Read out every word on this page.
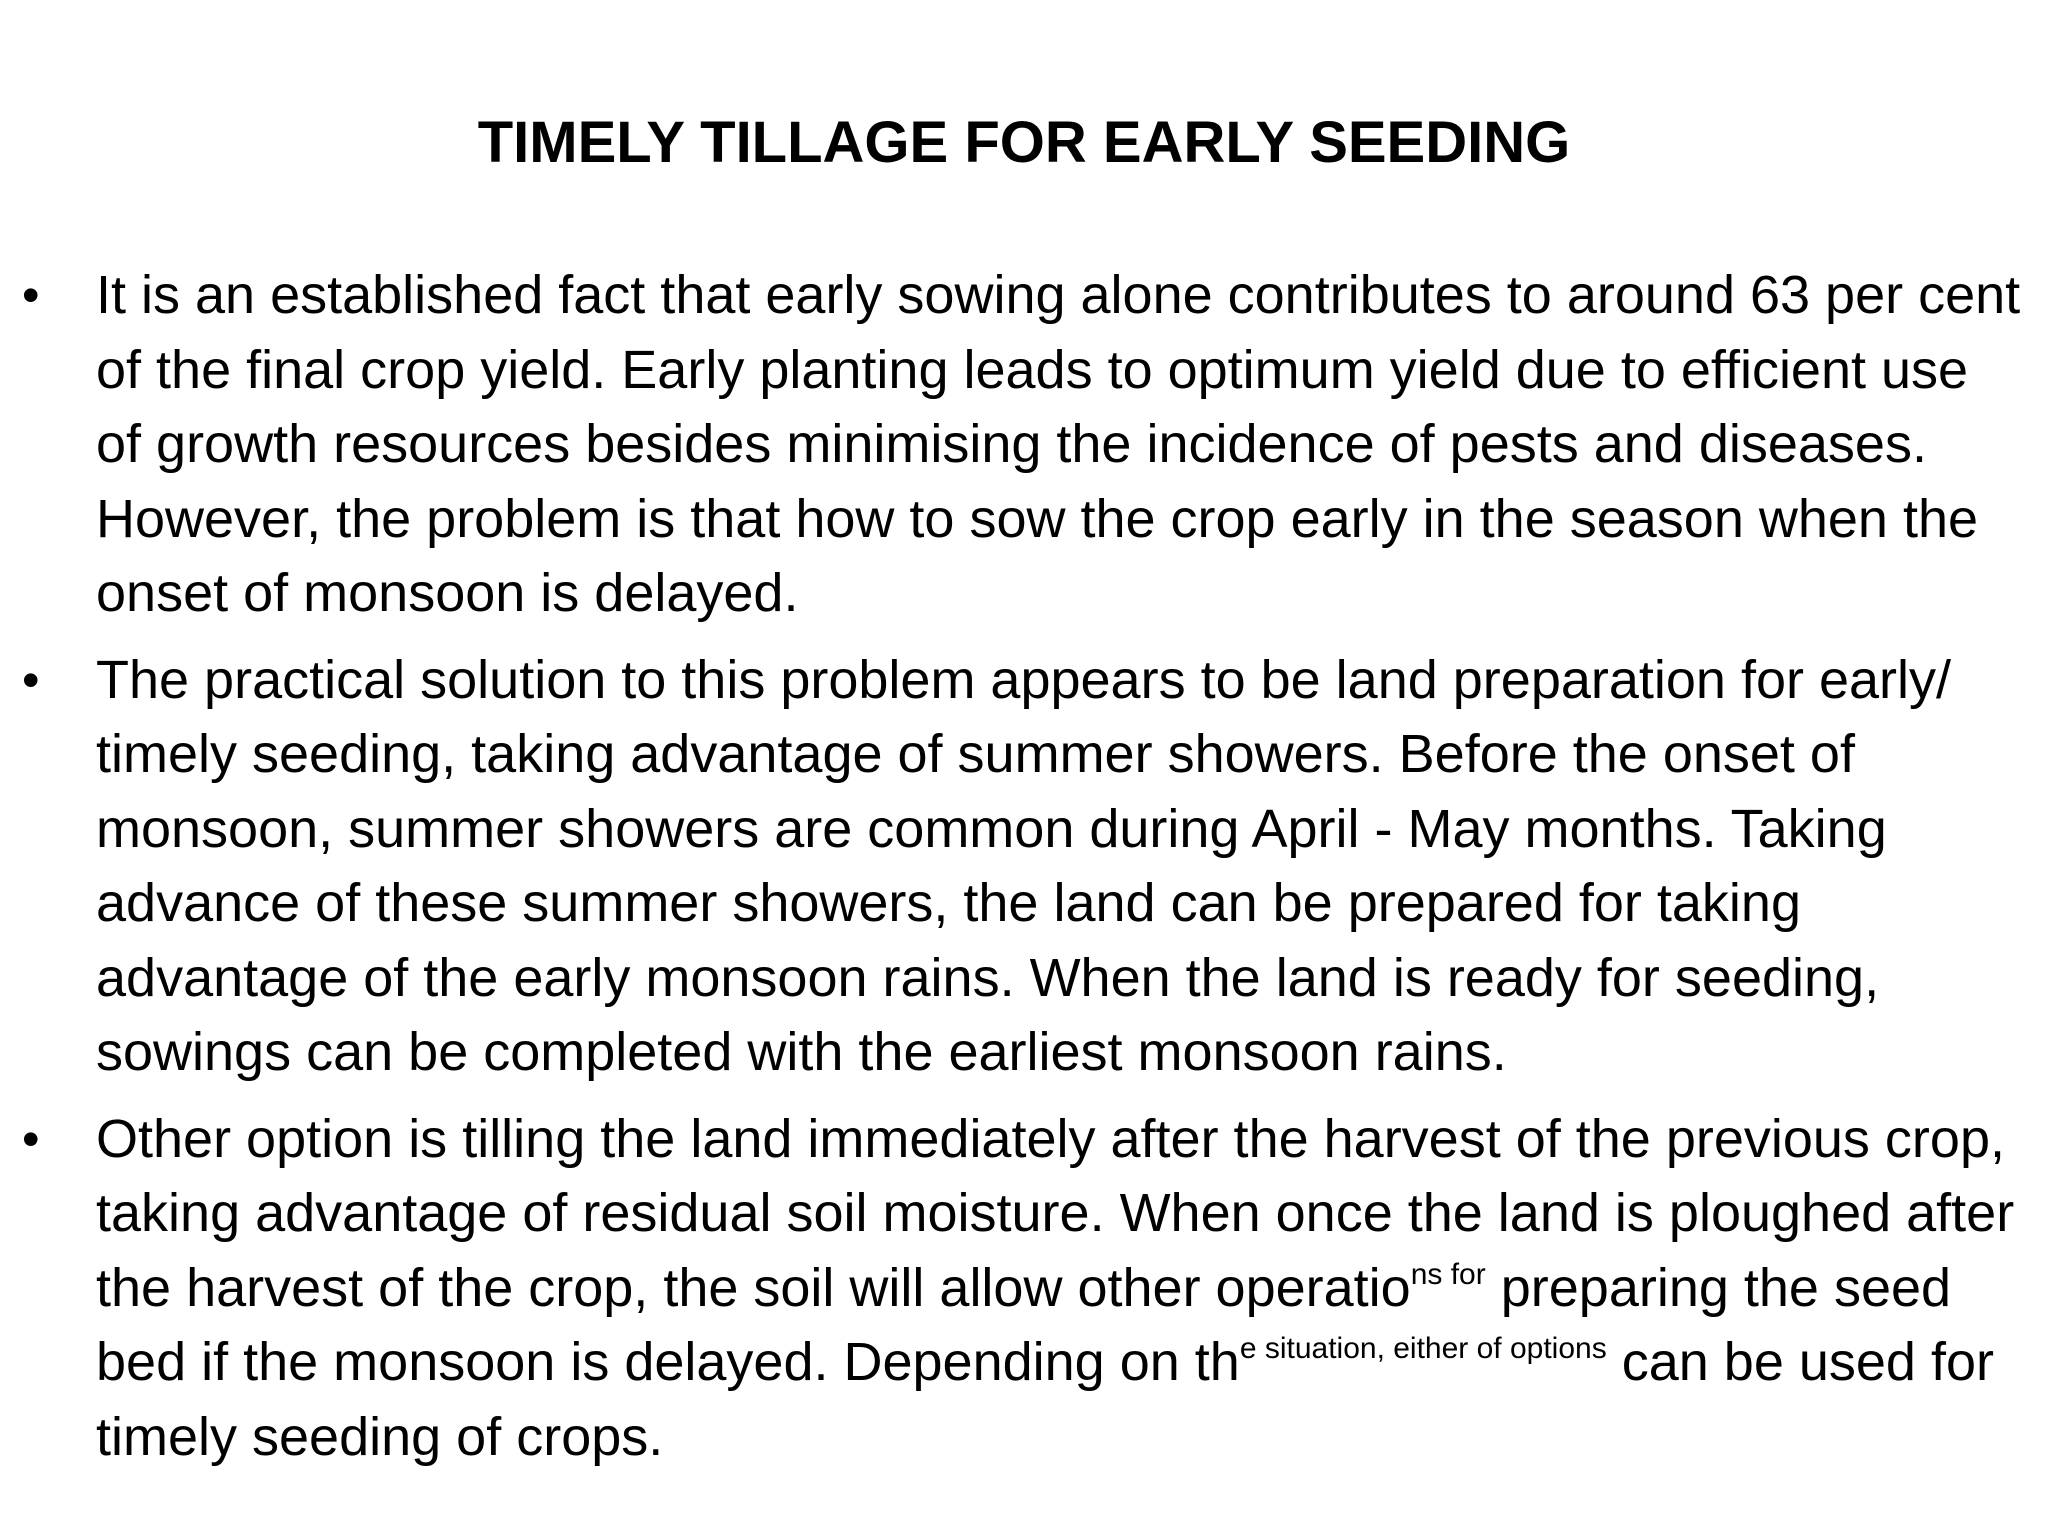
TIMELY TILLAGE FOR EARLY SEEDING
• It is an established fact that early sowing alone contributes to around 63 per cent of the final crop yield. Early planting leads to optimum yield due to efficient use of growth resources besides minimising the incidence of pests and diseases. However, the problem is that how to sow the crop early in the season when the onset of monsoon is delayed.
• The practical solution to this problem appears to be land preparation for early/ timely seeding, taking advantage of summer showers. Before the onset of monsoon, summer showers are common during April - May months. Taking advance of these summer showers, the land can be prepared for taking advantage of the early monsoon rains. When the land is ready for seeding, sowings can be completed with the earliest monsoon rains.
• Other option is tilling the land immediately after the harvest of the previous crop, taking advantage of residual soil moisture. When once the land is ploughed after the harvest of the crop, the soil will allow other operatio$^{ns for}$ preparing the seed bed if the monsoon is delayed. Depending on $th^{e situation, either of options}$ can be used for timely seeding of crops.
